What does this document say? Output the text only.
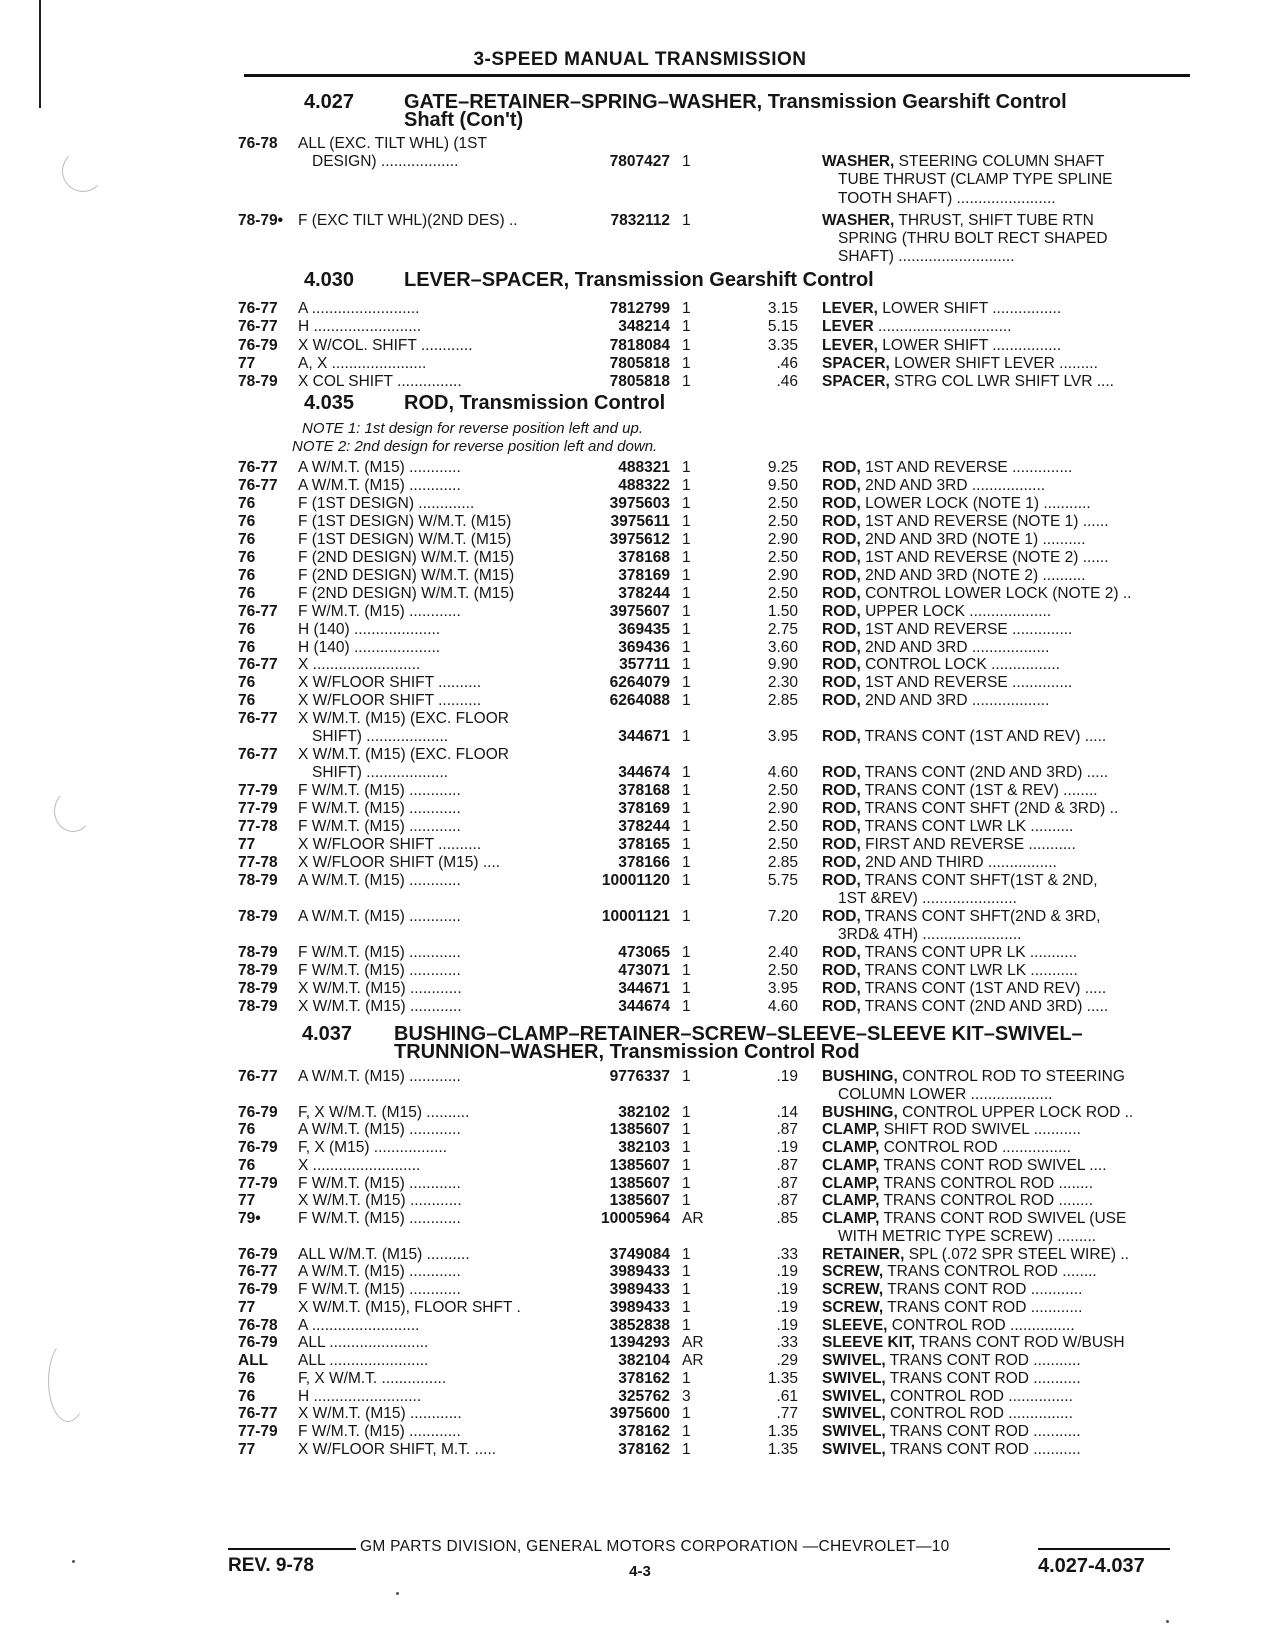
3-SPEED MANUAL TRANSMISSION
4.027 GATE–RETAINER–SPRING–WASHER, Transmission Gearshift Control
Shaft (Con't)
76-78 ALL (EXC. TILT WHL) (1ST
DESIGN) ..................	7807427 1	WASHER, STEERING COLUMN SHAFT
TUBE THRUST (CLAMP TYPE SPLINE
TOOTH SHAFT) .......................
78-79• F (EXC TILT WHL)(2ND DES) ..	7832112 1	WASHER, THRUST, SHIFT TUBE RTN
SPRING (THRU BOLT RECT SHAPED
SHAFT) ...........................
4.030 LEVER–SPACER, Transmission Gearshift Control
76-77 A .........................	7812799 1	3.15 LEVER, LOWER SHIFT ................
76-77 H .........................	348214 1	5.15 LEVER ...............................
76-79 X W/COL. SHIFT ............	7818084 1	3.35 LEVER, LOWER SHIFT ................
77	A, X ......................	7805818 1	.46 SPACER, LOWER SHIFT LEVER .........
78-79 X COL SHIFT ...............	7805818 1	.46 SPACER, STRG COL LWR SHIFT LVR ....
4.035 ROD, Transmission Control
NOTE 1: 1st design for reverse position left and up.
NOTE 2: 2nd design for reverse position left and down.
76-77 A W/M.T. (M15) ............	488321 1	9.25 ROD, 1ST AND REVERSE ..............
76-77 A W/M.T. (M15) ............	488322 1	9.50 ROD, 2ND AND 3RD .................
76	F (1ST DESIGN) .............	3975603 1	2.50 ROD, LOWER LOCK (NOTE 1) ...........
76	F (1ST DESIGN) W/M.T. (M15)	3975611 1	2.50 ROD, 1ST AND REVERSE (NOTE 1) ......
76	F (1ST DESIGN) W/M.T. (M15)	3975612 1	2.90 ROD, 2ND AND 3RD (NOTE 1) ..........
76	F (2ND DESIGN) W/M.T. (M15)	378168 1	2.50 ROD, 1ST AND REVERSE (NOTE 2) ......
76	F (2ND DESIGN) W/M.T. (M15)	378169 1	2.90 ROD, 2ND AND 3RD (NOTE 2) ..........
76	F (2ND DESIGN) W/M.T. (M15)	378244 1	2.50 ROD, CONTROL LOWER LOCK (NOTE 2) ..
76-77 F W/M.T. (M15) ............	3975607 1	1.50 ROD, UPPER LOCK ...................
76	H (140) ....................	369435 1	2.75 ROD, 1ST AND REVERSE ..............
76	H (140) ....................	369436 1	3.60 ROD, 2ND AND 3RD ..................
76-77 X .........................	357711 1	9.90 ROD, CONTROL LOCK ................
76	X W/FLOOR SHIFT ..........	6264079 1	2.30 ROD, 1ST AND REVERSE ..............
76	X W/FLOOR SHIFT ..........	6264088 1	2.85 ROD, 2ND AND 3RD ..................
76-77 X W/M.T. (M15) (EXC. FLOOR
SHIFT) ...................	344671 1	3.95 ROD, TRANS CONT (1ST AND REV) .....
76-77 X W/M.T. (M15) (EXC. FLOOR
SHIFT) ...................	344674 1	4.60 ROD, TRANS CONT (2ND AND 3RD) .....
77-79 F W/M.T. (M15) ............	378168 1	2.50 ROD, TRANS CONT (1ST & REV) ........
77-79 F W/M.T. (M15) ............	378169 1	2.90 ROD, TRANS CONT SHFT (2ND & 3RD) ..
77-78 F W/M.T. (M15) ............	378244 1	2.50 ROD, TRANS CONT LWR LK ..........
77	X W/FLOOR SHIFT ..........	378165 1	2.50 ROD, FIRST AND REVERSE ...........
77-78 X W/FLOOR SHIFT (M15) ....	378166 1	2.85 ROD, 2ND AND THIRD ................
78-79 A W/M.T. (M15) ............	10001120 1	5.75 ROD, TRANS CONT SHFT(1ST & 2ND,
1ST &REV) ......................
78-79 A W/M.T. (M15) ............	10001121 1	7.20 ROD, TRANS CONT SHFT(2ND & 3RD,
3RD& 4TH) .......................
78-79 F W/M.T. (M15) ............	473065 1	2.40 ROD, TRANS CONT UPR LK ...........
78-79 F W/M.T. (M15) ............	473071 1	2.50 ROD, TRANS CONT LWR LK ...........
78-79 X W/M.T. (M15) ............	344671 1	3.95 ROD, TRANS CONT (1ST AND REV) .....
78-79 X W/M.T. (M15) ............	344674 1	4.60 ROD, TRANS CONT (2ND AND 3RD) .....
4.037 BUSHING–CLAMP–RETAINER–SCREW–SLEEVE–SLEEVE KIT–SWIVEL–
TRUNNION–WASHER, Transmission Control Rod
76-77 A W/M.T. (M15) ............	9776337 1	.19 BUSHING, CONTROL ROD TO STEERING
COLUMN LOWER ...................
76-79 F, X W/M.T. (M15) ..........	382102 1	.14 BUSHING, CONTROL UPPER LOCK ROD ..
76	A W/M.T. (M15) ............	1385607 1	.87 CLAMP, SHIFT ROD SWIVEL ...........
76-79 F, X (M15) .................	382103 1	.19 CLAMP, CONTROL ROD ................
76	X .........................	1385607 1	.87 CLAMP, TRANS CONT ROD SWIVEL ....
77-79 F W/M.T. (M15) ............	1385607 1	.87 CLAMP, TRANS CONTROL ROD ........
77	X W/M.T. (M15) ............	1385607 1	.87 CLAMP, TRANS CONTROL ROD ........
79• F W/M.T. (M15) ............	10005964 AR	.85 CLAMP, TRANS CONT ROD SWIVEL (USE
WITH METRIC TYPE SCREW) .........
76-79 ALL W/M.T. (M15) ..........	3749084 1	.33 RETAINER, SPL (.072 SPR STEEL WIRE) ..
76-77 A W/M.T. (M15) ............	3989433 1	.19 SCREW, TRANS CONTROL ROD ........
76-79 F W/M.T. (M15) ............	3989433 1	.19 SCREW, TRANS CONT ROD ............
77	X W/M.T. (M15), FLOOR SHFT .	3989433 1	.19 SCREW, TRANS CONT ROD ............
76-78 A .........................	3852838 1	.19 SLEEVE, CONTROL ROD ...............
76-79 ALL .......................	1394293 AR	.33 SLEEVE KIT, TRANS CONT ROD W/BUSH
ALL ALL .......................	382104 AR	.29 SWIVEL, TRANS CONT ROD ...........
76	F, X W/M.T. ...............	378162 1	1.35 SWIVEL, TRANS CONT ROD ...........
76	H .........................	325762 3	.61 SWIVEL, CONTROL ROD ...............
76-77 X W/M.T. (M15) ............	3975600 1	.77 SWIVEL, CONTROL ROD ...............
77-79 F W/M.T. (M15) ............	378162 1	1.35 SWIVEL, TRANS CONT ROD ...........
77	X W/FLOOR SHIFT, M.T. .....	378162 1	1.35 SWIVEL, TRANS CONT ROD ...........
GM PARTS DIVISION, GENERAL MOTORS CORPORATION —CHEVROLET—10
REV. 9-78	4-3	4.027-4.037
